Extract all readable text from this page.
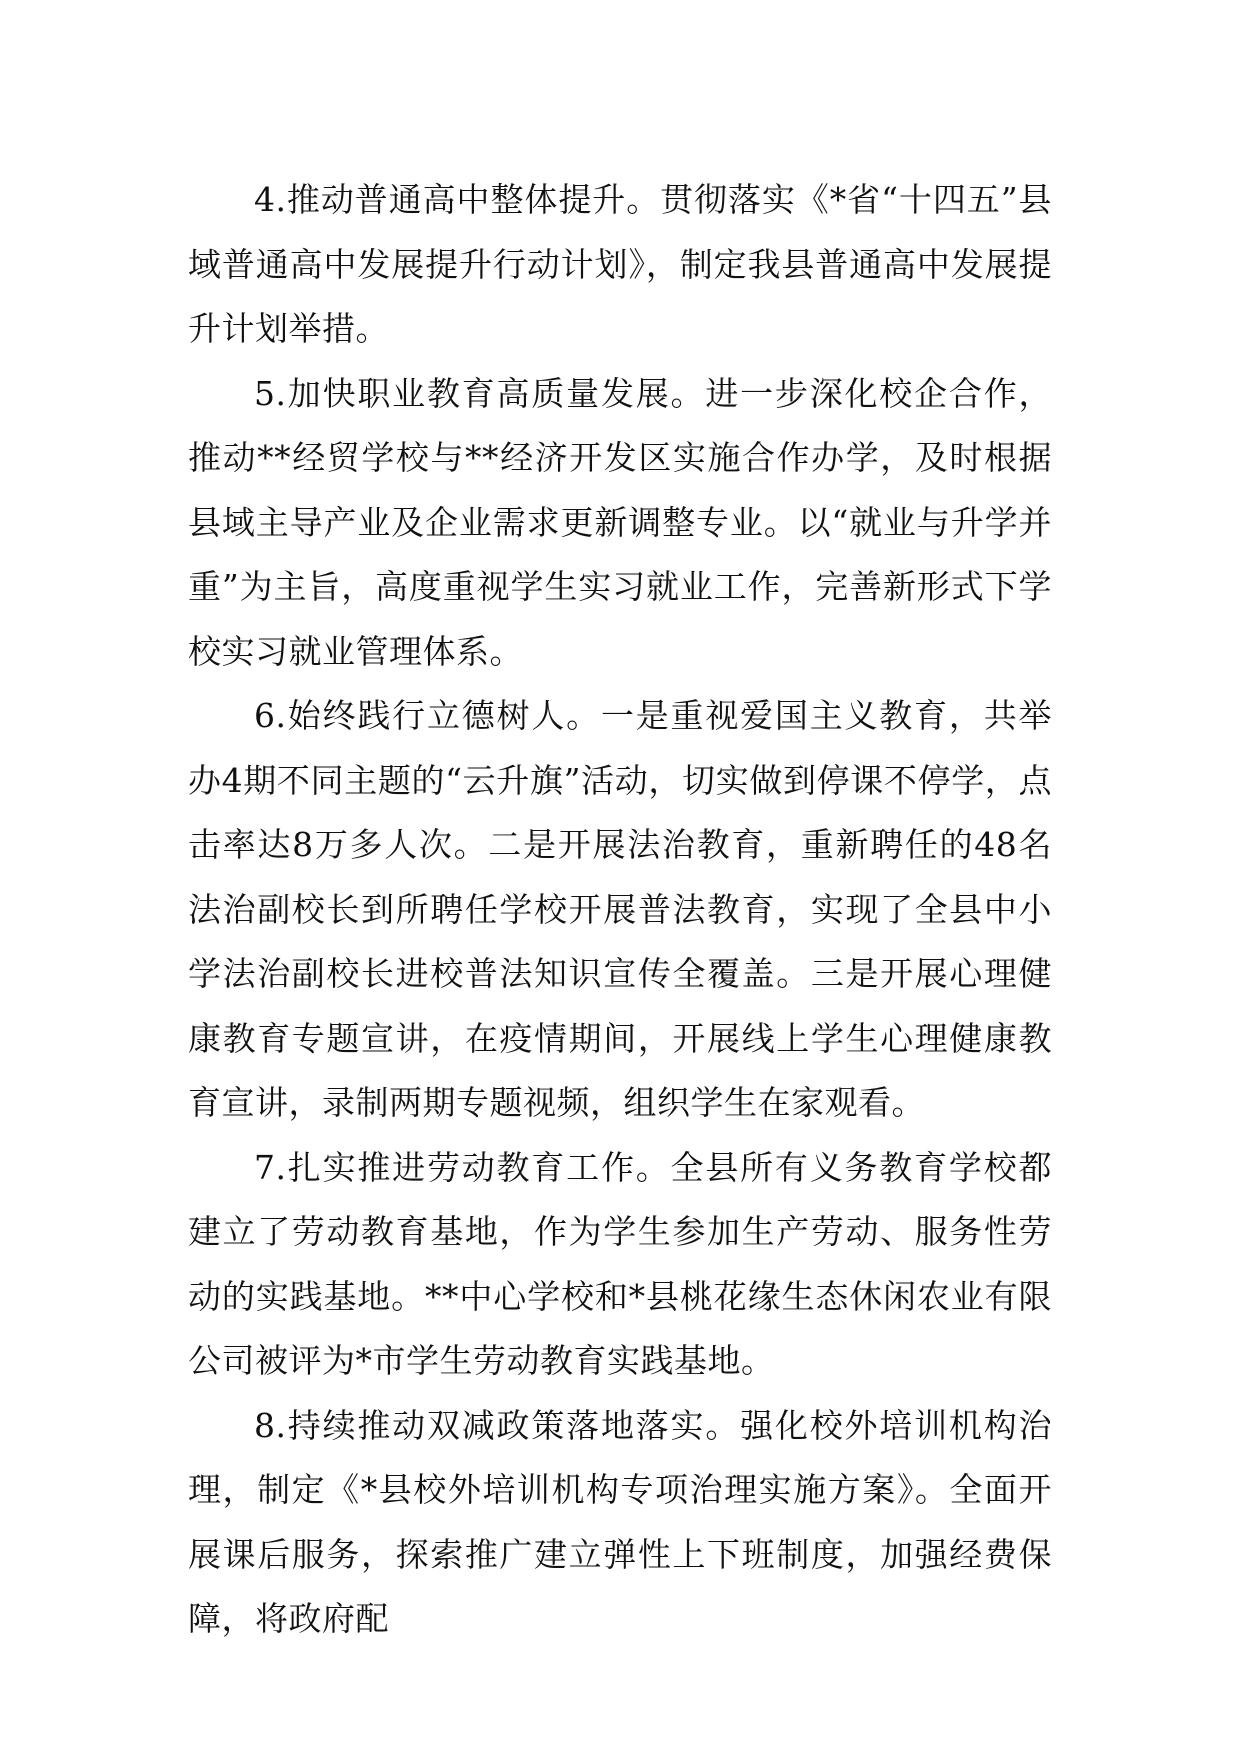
4.推动普通高中整体提升。贯彻落实《*省“十四五”县域普通高中发展提升行动计划》，制定我县普通高中发展提升计划举措。

5.加快职业教育高质量发展。进一步深化校企合作，推动**经贸学校与**经济开发区实施合作办学，及时根据县域主导产业及企业需求更新调整专业。以“就业与升学并重”为主旨，高度重视学生实习就业工作，完善新形式下学校实习就业管理体系。

6.始终践行立德树人。一是重视爱国主义教育，共举办4期不同主题的“云升旗”活动，切实做到停课不停学，点击率达8万多人次。二是开展法治教育，重新聘任的48名法治副校长到所聘任学校开展普法教育，实现了全县中小学法治副校长进校普法知识宣传全覆盖。三是开展心理健康教育专题宣讲，在疫情期间，开展线上学生心理健康教育宣讲，录制两期专题视频，组织学生在家观看。

7.扎实推进劳动教育工作。全县所有义务教育学校都建立了劳动教育基地，作为学生参加生产劳动、服务性劳动的实践基地。**中心学校和*县桃花缘生态休闲农业有限公司被评为*市学生劳动教育实践基地。

8.持续推动双减政策落地落实。强化校外培训机构治理，制定《*县校外培训机构专项治理实施方案》。全面开展课后服务，探索推广建立弹性上下班制度，加强经费保障，将政府配
